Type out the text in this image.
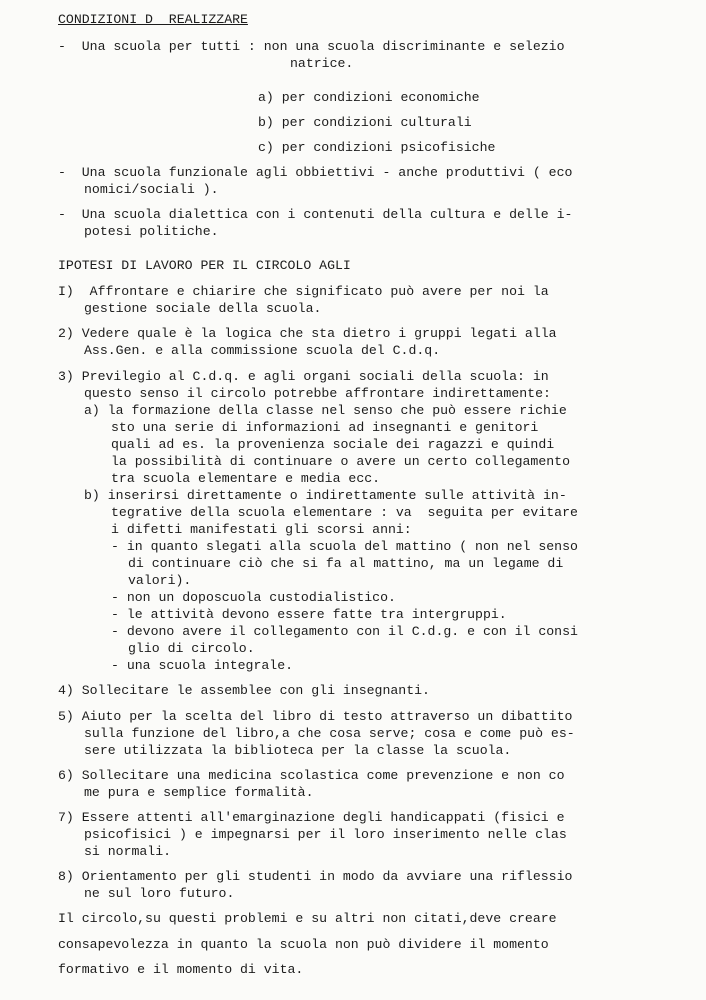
CONDIZIONI D  REALIZZARE
-  Una scuola per tutti : non una scuola discriminante e selezio
natrice.
a) per condizioni economiche
b) per condizioni culturali
c) per condizioni psicofisiche
-  Una scuola funzionale agli obbiettivi - anche produttivi ( eco
nomici/sociali ).
-  Una scuola dialettica con i contenuti della cultura e delle i-
potesi politiche.
IPOTESI DI LAVORO PER IL CIRCOLO AGLI
I)  Affrontare e chiarire che significato può avere per noi la
gestione sociale della scuola.
2) Vedere quale è la logica che sta dietro i gruppi legati alla
Ass.Gen. e alla commissione scuola del C.d.q.
3) Previlegio al C.d.q. e agli organi sociali della scuola: in
questo senso il circolo potrebbe affrontare indirettamente:
a) la formazione della classe nel senso che può essere richie
sto una serie di informazioni ad insegnanti e genitori
quali ad es. la provenienza sociale dei ragazzi e quindi
la possibilità di continuare o avere un certo collegamento
tra scuola elementare e media ecc.
b) inserirsi direttamente o indirettamente sulle attività in-
tegrative della scuola elementare : va  seguita per evitare
i difetti manifestati gli scorsi anni:
- in quanto slegati alla scuola del mattino ( non nel senso
di continuare ciò che si fa al mattino, ma un legame di
valori).
- non un doposcuola custodialistico.
- le attività devono essere fatte tra intergruppi.
- devono avere il collegamento con il C.d.g. e con il consi
glio di circolo.
- una scuola integrale.
4) Sollecitare le assemblee con gli insegnanti.
5) Aiuto per la scelta del libro di testo attraverso un dibattito
sulla funzione del libro,a che cosa serve; cosa e come può es-
sere utilizzata la biblioteca per la classe la scuola.
6) Sollecitare una medicina scolastica come prevenzione e non co
me pura e semplice formalità.
7) Essere attenti all'emarginazione degli handicappati (fisici e
psicofisici ) e impegnarsi per il loro inserimento nelle clas
si normali.
8) Orientamento per gli studenti in modo da avviare una riflessio
ne sul loro futuro.
Il circolo,su questi problemi e su altri non citati,deve creare
consapevolezza in quanto la scuola non può dividere il momento
formativo e il momento di vita.
